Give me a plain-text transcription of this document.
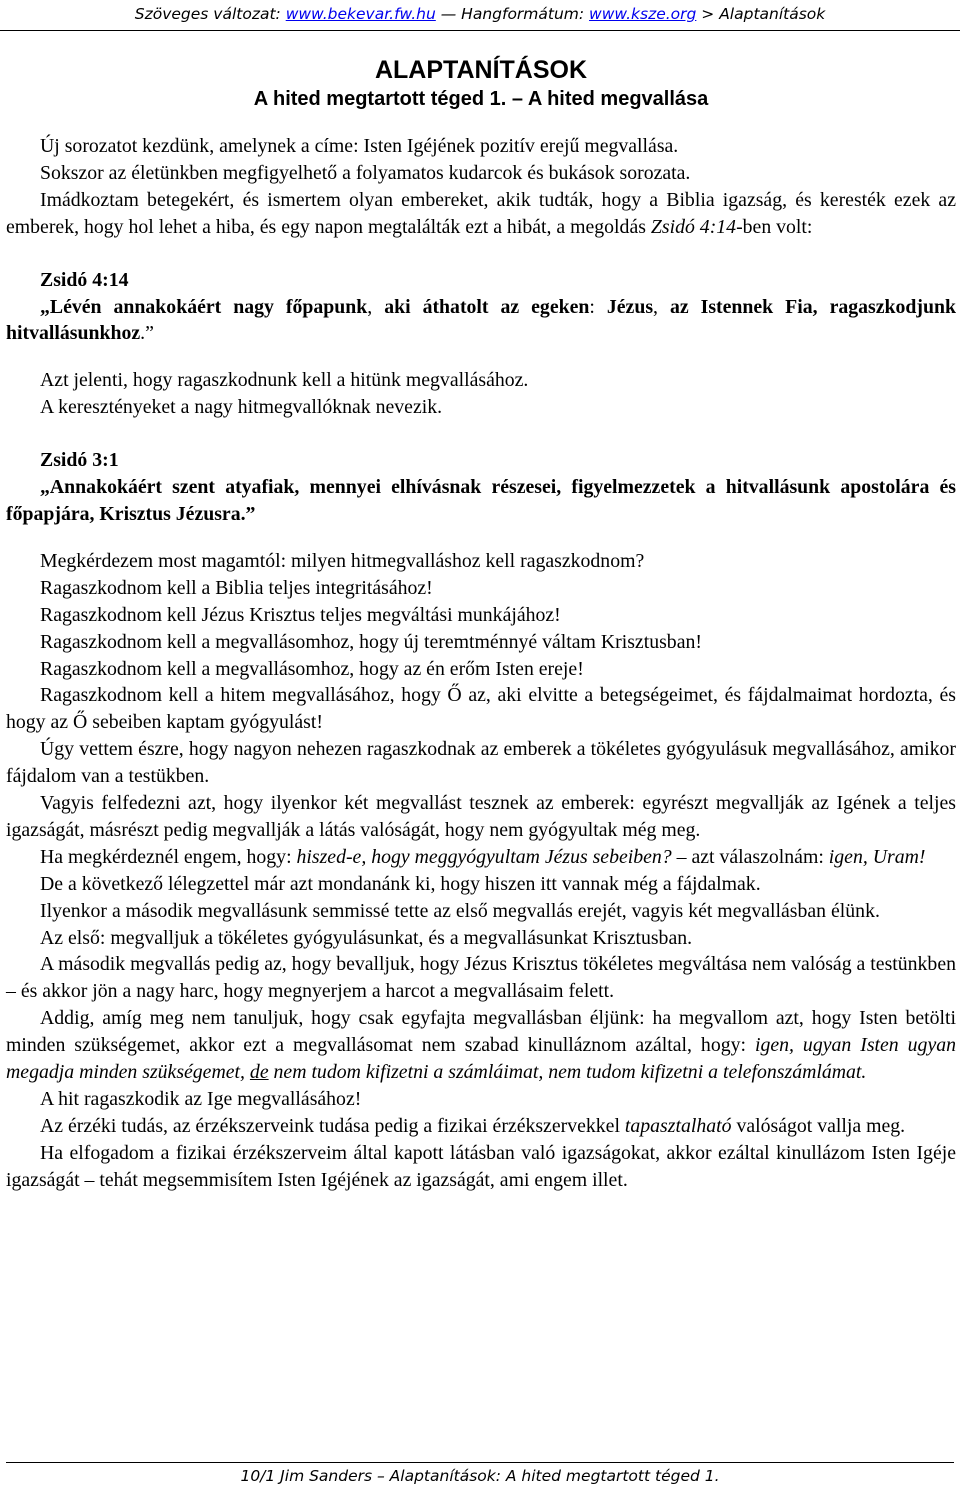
Szöveges változat: www.bekevar.fw.hu — Hangformátum: www.ksze.org > Alaptanítások
ALAPTANÍTÁSOK
A hited megtartott téged 1. – A hited megvallása

Új sorozatot kezdünk, amelynek a címe: Isten Igéjének pozitív erejű megvallása.

Sokszor az életünkben megfigyelhető a folyamatos kudarcok és bukások sorozata.

Imádkoztam betegekért, és ismertem olyan embereket, akik tudták, hogy a Biblia igazság, és keresték ezek az emberek, hogy hol lehet a hiba, és egy napon megtalálták ezt a hibát, a megoldás Zsidó 4:14-ben volt:

Zsidó 4:14

„Lévén annakokáért nagy főpapunk, aki áthatolt az egeken: Jézus, az Istennek Fia, ragaszkodjunk hitvallásunkhoz.”

Azt jelenti, hogy ragaszkodnunk kell a hitünk megvallásához.

A keresztényeket a nagy hitmegvallóknak nevezik.

Zsidó 3:1

„Annakokáért szent atyafiak, mennyei elhívásnak részesei, figyelmezzetek a hitvallásunk apostolára és főpapjára, Krisztus Jézusra.”

Megkérdezem most magamtól: milyen hitmegvalláshoz kell ragaszkodnom?

Ragaszkodnom kell a Biblia teljes integritásához!

Ragaszkodnom kell Jézus Krisztus teljes megváltási munkájához!

Ragaszkodnom kell a megvallásomhoz, hogy új teremtménnyé váltam Krisztusban!

Ragaszkodnom kell a megvallásomhoz, hogy az én erőm Isten ereje!

Ragaszkodnom kell a hitem megvallásához, hogy Ő az, aki elvitte a betegségeimet, és fájdalmaimat hordozta, és hogy az Ő sebeiben kaptam gyógyulást!

Úgy vettem észre, hogy nagyon nehezen ragaszkodnak az emberek a tökéletes gyógyulásuk megvallásához, amikor fájdalom van a testükben.

Vagyis felfedezni azt, hogy ilyenkor két megvallást tesznek az emberek: egyrészt megvallják az Igének a teljes igazságát, másrészt pedig megvallják a látás valóságát, hogy nem gyógyultak még meg.

Ha megkérdeznél engem, hogy: hiszed-e, hogy meggyógyultam Jézus sebeiben? – azt válaszolnám: igen, Uram!

De a következő lélegzettel már azt mondanánk ki, hogy hiszen itt vannak még a fájdalmak.

Ilyenkor a második megvallásunk semmissé tette az első megvallás erejét, vagyis két megvallásban élünk.

Az első: megvalljuk a tökéletes gyógyulásunkat, és a megvallásunkat Krisztusban.

A második megvallás pedig az, hogy bevalljuk, hogy Jézus Krisztus tökéletes megváltása nem valóság a testünkben – és akkor jön a nagy harc, hogy megnyerjem a harcot a megvallásaim felett.

Addig, amíg meg nem tanuljuk, hogy csak egyfajta megvallásban éljünk: ha megvallom azt, hogy Isten betölti minden szükségemet, akkor ezt a megvallásomat nem szabad kinulláznom azáltal, hogy: igen, ugyan Isten ugyan megadja minden szükségemet, de nem tudom kifizetni a számláimat, nem tudom kifizetni a telefonszámlámat.

A hit ragaszkodik az Ige megvallásához!

Az érzéki tudás, az érzékszerveink tudása pedig a fizikai érzékszervekkel tapasztalható valóságot vallja meg.

Ha elfogadom a fizikai érzékszerveim által kapott látásban való igazságokat, akkor ezáltal kinullázom Isten Igéje igazságát – tehát megsemmisítem Isten Igéjének az igazságát, ami engem illet.

10/1 Jim Sanders – Alaptanítások: A hited megtartott téged 1.
